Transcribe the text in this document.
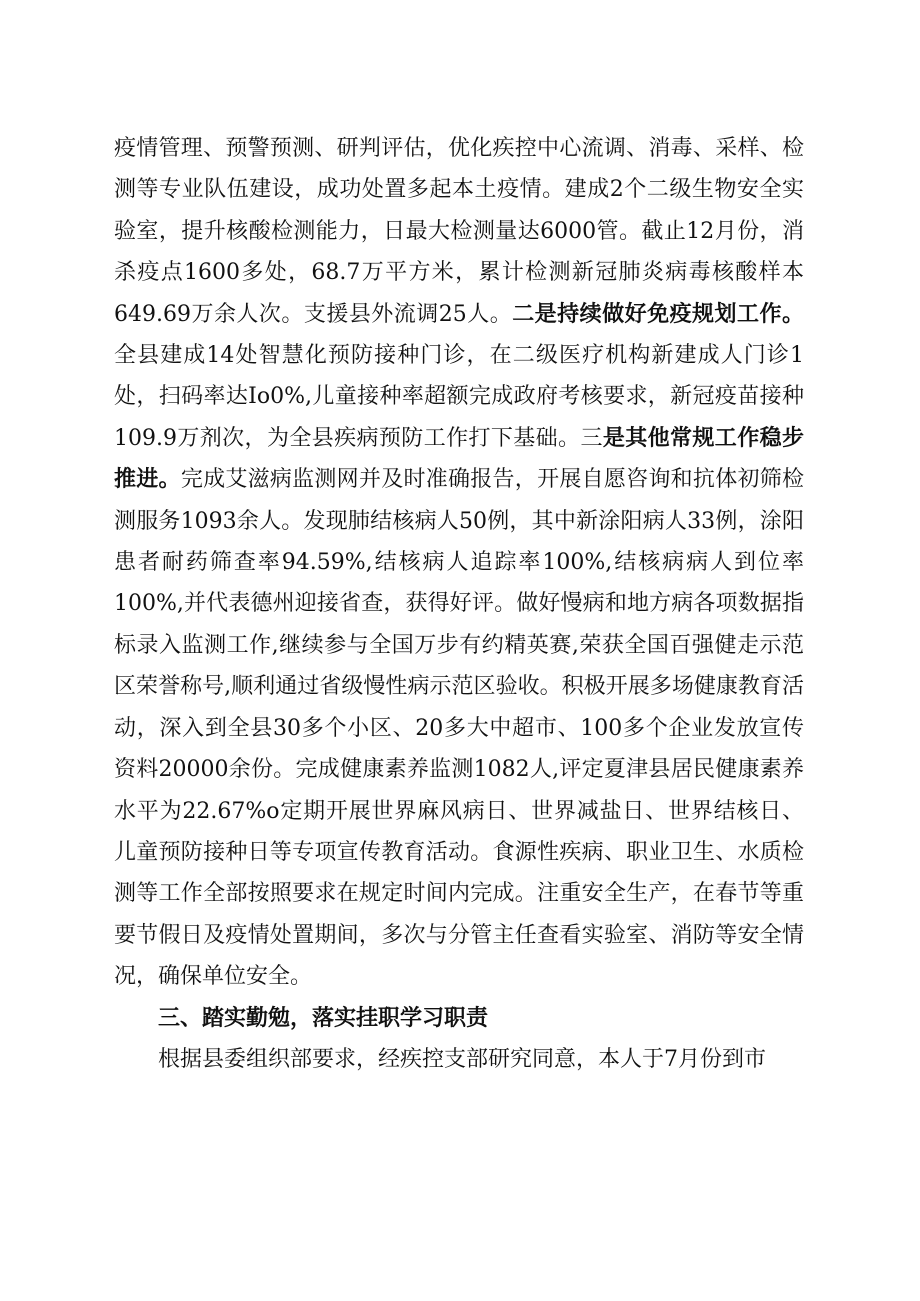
疫情管理、预警预测、研判评估，优化疾控中心流调、消毒、采样、检测等专业队伍建设，成功处置多起本土疫情。建成2个二级生物安全实验室，提升核酸检测能力，日最大检测量达6000管。截止12月份，消杀疫点1600多处，68.7万平方米，累计检测新冠肺炎病毒核酸样本649.69万余人次。支援县外流调25人。二是持续做好免疫规划工作。全县建成14处智慧化预防接种门诊，在二级医疗机构新建成人门诊1处，扫码率达Io0%,儿童接种率超额完成政府考核要求，新冠疫苗接种109.9万剂次，为全县疾病预防工作打下基础。三是其他常规工作稳步推进。完成艾滋病监测网并及时准确报告，开展自愿咨询和抗体初筛检测服务1093余人。发现肺结核病人50例，其中新涂阳病人33例，涂阳患者耐药筛查率94.59%,结核病人追踪率100%,结核病病人到位率100%,并代表德州迎接省查，获得好评。做好慢病和地方病各项数据指标录入监测工作,继续参与全国万步有约精英赛,荣获全国百强健走示范区荣誉称号,顺利通过省级慢性病示范区验收。积极开展多场健康教育活动，深入到全县30多个小区、20多大中超市、100多个企业发放宣传资料20000余份。完成健康素养监测1082人,评定夏津县居民健康素养水平为22.67%o定期开展世界麻风病日、世界减盐日、世界结核日、儿童预防接种日等专项宣传教育活动。食源性疾病、职业卫生、水质检测等工作全部按照要求在规定时间内完成。注重安全生产，在春节等重要节假日及疫情处置期间，多次与分管主任查看实验室、消防等安全情况，确保单位安全。

三、踏实勤勉，落实挂职学习职责

根据县委组织部要求，经疾控支部研究同意，本人于7月份到市
